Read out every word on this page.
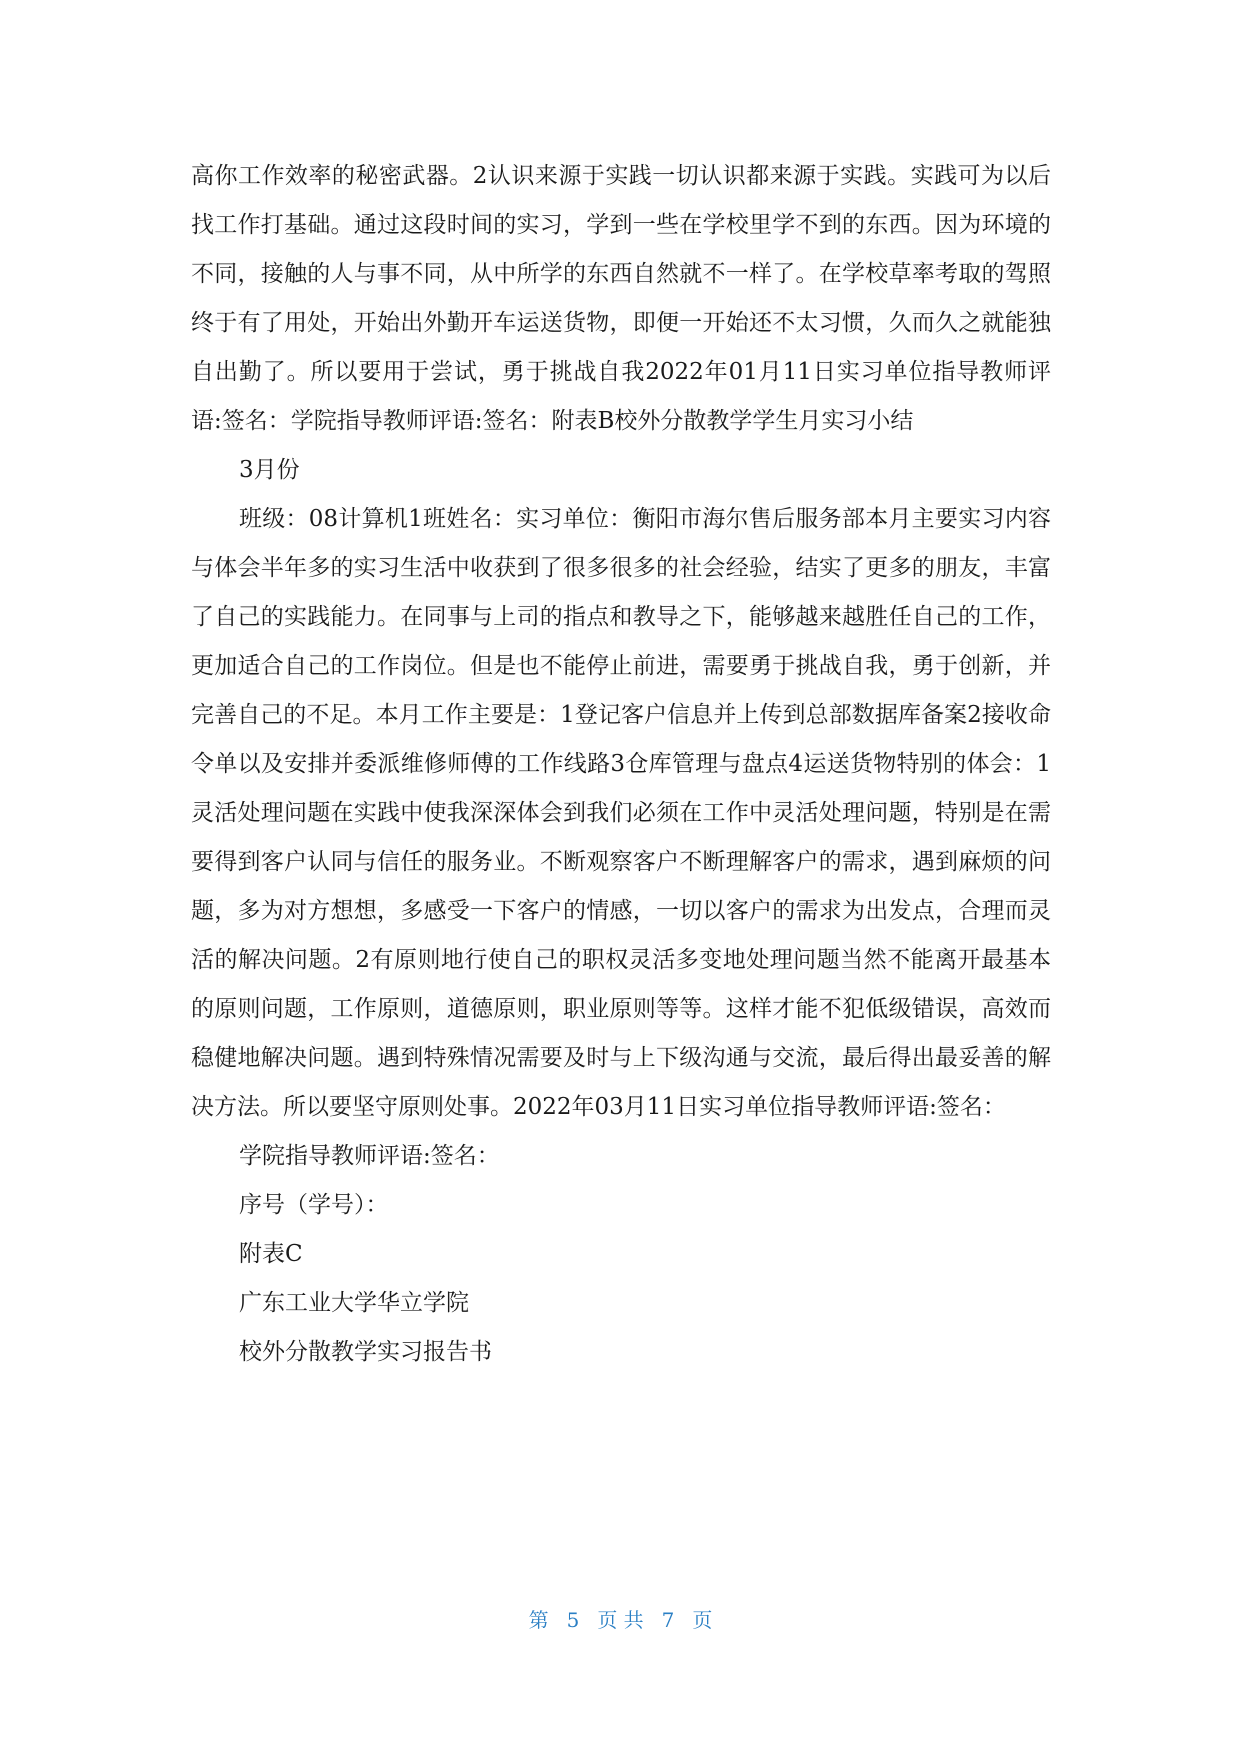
高你工作效率的秘密武器。2认识来源于实践一切认识都来源于实践。实践可为以后找工作打基础。通过这段时间的实习，学到一些在学校里学不到的东西。因为环境的不同，接触的人与事不同，从中所学的东西自然就不一样了。在学校草率考取的驾照终于有了用处，开始出外勤开车运送货物，即便一开始还不太习惯，久而久之就能独自出勤了。所以要用于尝试，勇于挑战自我2022年01月11日实习单位指导教师评语:签名：学院指导教师评语:签名：附表B校外分散教学学生月实习小结

3月份

班级：08计算机1班姓名：实习单位：衡阳市海尔售后服务部本月主要实习内容与体会半年多的实习生活中收获到了很多很多的社会经验，结实了更多的朋友，丰富了自己的实践能力。在同事与上司的指点和教导之下，能够越来越胜任自己的工作，更加适合自己的工作岗位。但是也不能停止前进，需要勇于挑战自我，勇于创新，并完善自己的不足。本月工作主要是：1登记客户信息并上传到总部数据库备案2接收命令单以及安排并委派维修师傅的工作线路3仓库管理与盘点4运送货物特别的体会：1灵活处理问题在实践中使我深深体会到我们必须在工作中灵活处理问题，特别是在需要得到客户认同与信任的服务业。不断观察客户不断理解客户的需求，遇到麻烦的问题，多为对方想想，多感受一下客户的情感，一切以客户的需求为出发点，合理而灵活的解决问题。2有原则地行使自己的职权灵活多变地处理问题当然不能离开最基本的原则问题，工作原则，道德原则，职业原则等等。这样才能不犯低级错误，高效而稳健地解决问题。遇到特殊情况需要及时与上下级沟通与交流，最后得出最妥善的解决方法。所以要坚守原则处事。2022年03月11日实习单位指导教师评语:签名：

学院指导教师评语:签名：

序号（学号）：

附表C

广东工业大学华立学院

校外分散教学实习报告书

第 5 页 共 7 页
